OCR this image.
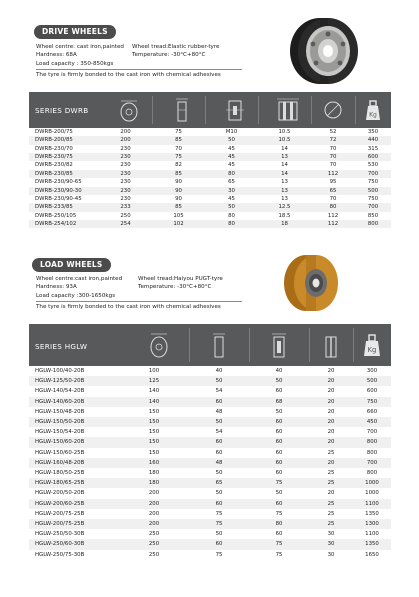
DRIVE WHEELS
Wheel centre: cast iron,painted
Hardness: 68A
Load capacity : 350-850kgs
Wheel tread:Elastic rubber-tyre
Temperature: -30°C+80°C
The tyre is firmly bonded to the cast iron with chemical adhesives
SERIES DWRB	Kg
DWRB-200/75	200	75	M10	10.5	52	350
DWRB-200/85	200	85	50	10.5	72	440
DWRB-230/70	230	70	45	14	70	315
DWRB-230/75	230	75	45	13	70	600
DWRB-230/82	230	82	45	14	70	530
DWRB-230/85	230	85	80	14	112	700
DWRB-230/90-65	230	90	65	13	95	750
DWRB-230/90-30	230	90	30	13	65	500
DWRB-230/90-45	230	90	45	13	70	750
DWRB-233/85	233	85	50	12.5	80	700
DWRB-250/105	250	105	80	18.5	112	850
DWRB-254/102	254	102	80	18	112	800
LOAD WHEELS
Wheel centre:cast iron,painted
Hardness: 93A
Load capacity :300-1650kgs
Wheel tread:Haiyou PUGT-tyre
Temperature: -30°C+80°C
The tyre is firmly bonded to the cast iron with chemical adhesives
SERIES HGLW	Kg
HGLW-100/40-20B	100	40	40	20	300
HGLW-125/50-20B	125	50	50	20	500
HGLW-140/54-20B	140	54	60	20	600
HGLW-140/60-20B	140	60	68	20	750
HGLW-150/48-20B	150	48	50	20	660
HGLW-150/50-20B	150	50	60	20	450
HGLW-150/54-20B	150	54	60	20	700
HGLW-150/60-20B	150	60	60	20	800
HGLW-150/60-25B	150	60	60	25	800
HGLW-160/48-20B	160	48	60	20	700
HGLW-180/50-25B	180	50	60	25	800
HGLW-180/65-25B	180	65	75	25	1000
HGLW-200/50-20B	200	50	50	20	1000
HGLW-200/60-25B	200	60	60	25	1100
HGLW-200/75-25B	200	75	75	25	1350
HGLW-200/75-25B	200	75	80	25	1300
HGLW-250/50-30B	250	50	60	30	1100
HGLW-250/60-30B	250	60	75	30	1350
HGLW-250/75-30B	250	75	75	30	1650
